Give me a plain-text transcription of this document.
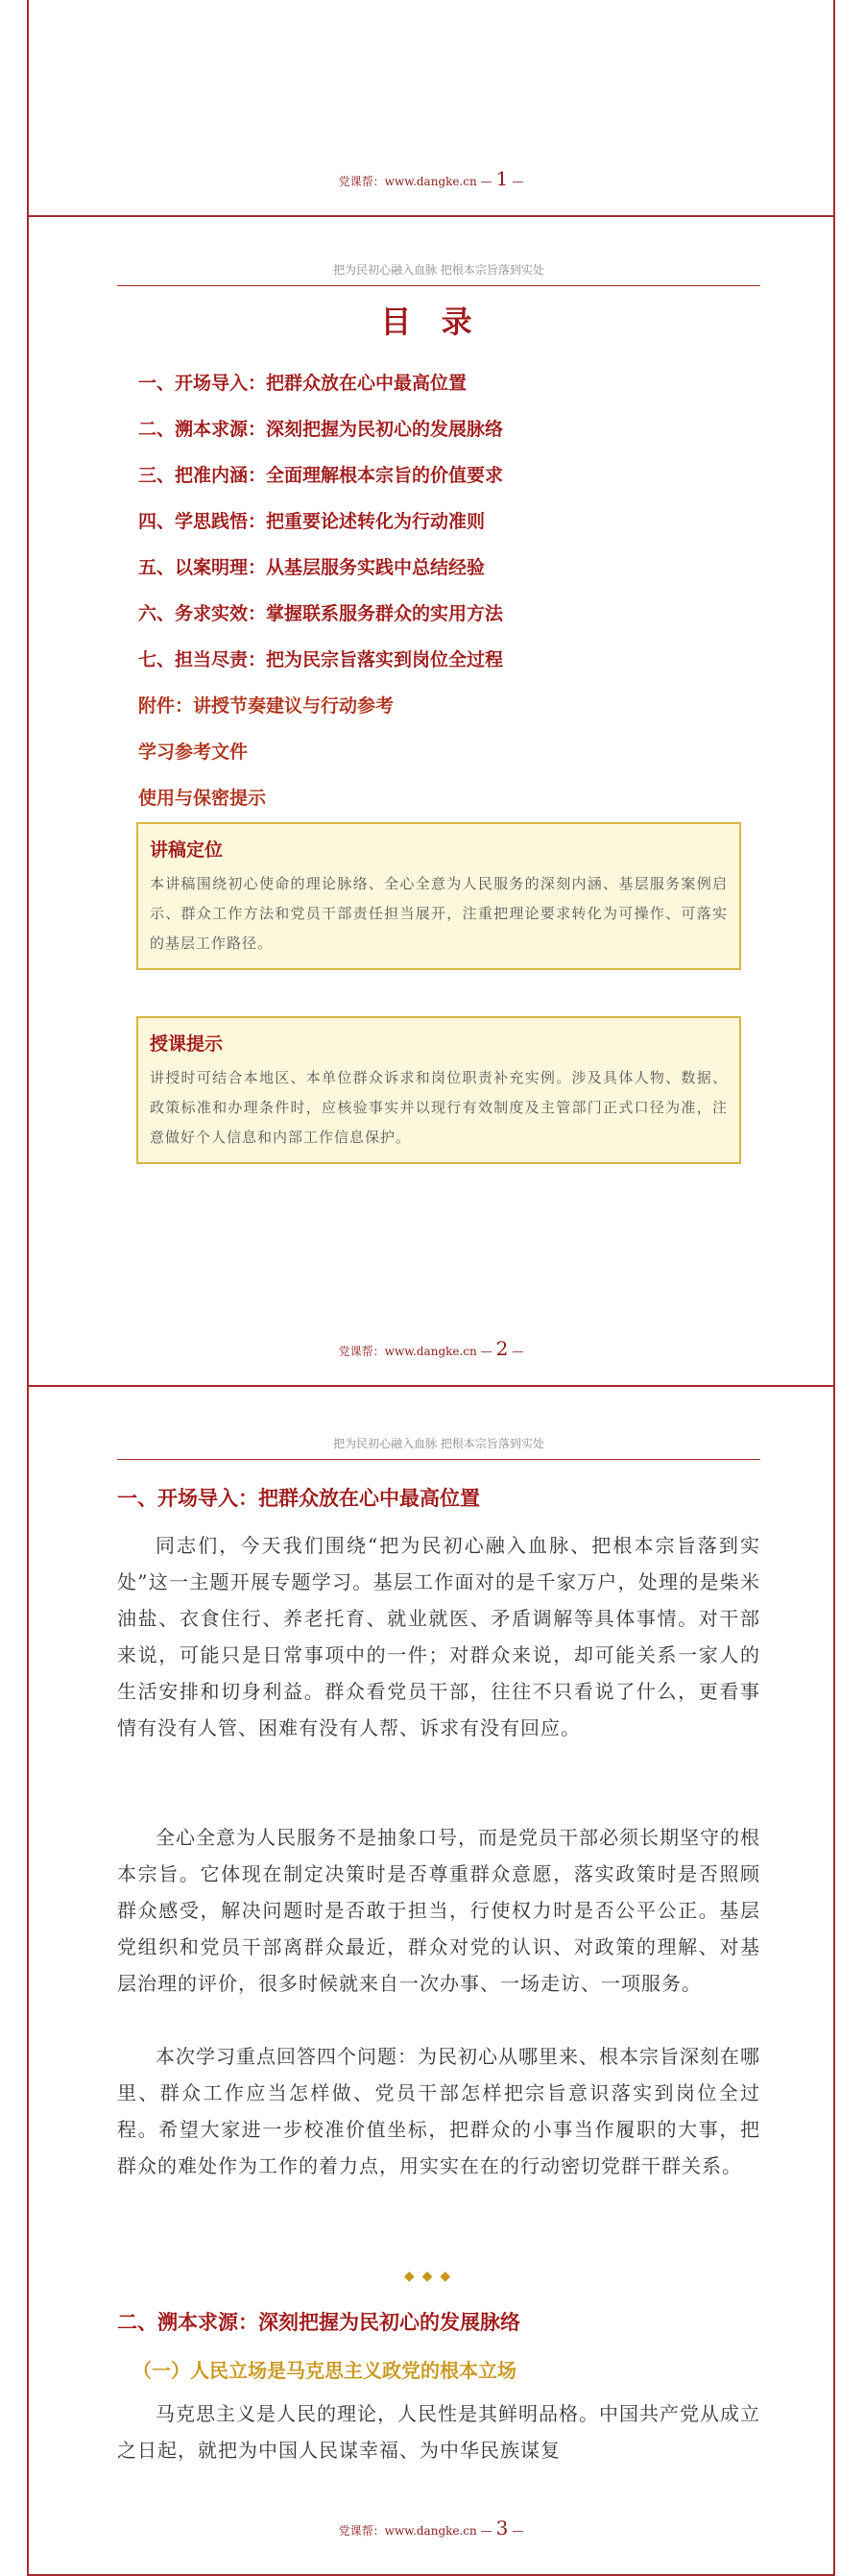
党课帮：www.dangke.cn — 1 —
把为民初心融入血脉 把根本宗旨落到实处
目 录
一、开场导入：把群众放在心中最高位置
二、溯本求源：深刻把握为民初心的发展脉络
三、把准内涵：全面理解根本宗旨的价值要求
四、学思践悟：把重要论述转化为行动准则
五、以案明理：从基层服务实践中总结经验
六、务求实效：掌握联系服务群众的实用方法
七、担当尽责：把为民宗旨落实到岗位全过程
附件：讲授节奏建议与行动参考
学习参考文件
使用与保密提示
讲稿定位
本讲稿围绕初心使命的理论脉络、全心全意为人民服务的深刻内涵、基层服务案例启示、群众工作方法和党员干部责任担当展开，注重把理论要求转化为可操作、可落实的基层工作路径。
授课提示
讲授时可结合本地区、本单位群众诉求和岗位职责补充实例。涉及具体人物、数据、政策标准和办理条件时，应核验事实并以现行有效制度及主管部门正式口径为准，注意做好个人信息和内部工作信息保护。
党课帮：www.dangke.cn — 2 —
把为民初心融入血脉 把根本宗旨落到实处
一、开场导入：把群众放在心中最高位置

同志们，今天我们围绕“把为民初心融入血脉、把根本宗旨落到实处”这一主题开展专题学习。基层工作面对的是千家万户，处理的是柴米油盐、衣食住行、养老托育、就业就医、矛盾调解等具体事情。对干部来说，可能只是日常事项中的一件；对群众来说，却可能关系一家人的生活安排和切身利益。群众看党员干部，往往不只看说了什么，更看事情有没有人管、困难有没有人帮、诉求有没有回应。

全心全意为人民服务不是抽象口号，而是党员干部必须长期坚守的根本宗旨。它体现在制定决策时是否尊重群众意愿，落实政策时是否照顾群众感受，解决问题时是否敢于担当，行使权力时是否公平公正。基层党组织和党员干部离群众最近，群众对党的认识、对政策的理解、对基层治理的评价，很多时候就来自一次办事、一场走访、一项服务。

本次学习重点回答四个问题：为民初心从哪里来、根本宗旨深刻在哪里、群众工作应当怎样做、党员干部怎样把宗旨意识落实到岗位全过程。希望大家进一步校准价值坐标，把群众的小事当作履职的大事，把群众的难处作为工作的着力点，用实实在在的行动密切党群干群关系。

◆◆◆
二、溯本求源：深刻把握为民初心的发展脉络
（一）人民立场是马克思主义政党的根本立场

马克思主义是人民的理论，人民性是其鲜明品格。中国共产党从成立之日起，就把为中国人民谋幸福、为中华民族谋复

党课帮：www.dangke.cn — 3 —
